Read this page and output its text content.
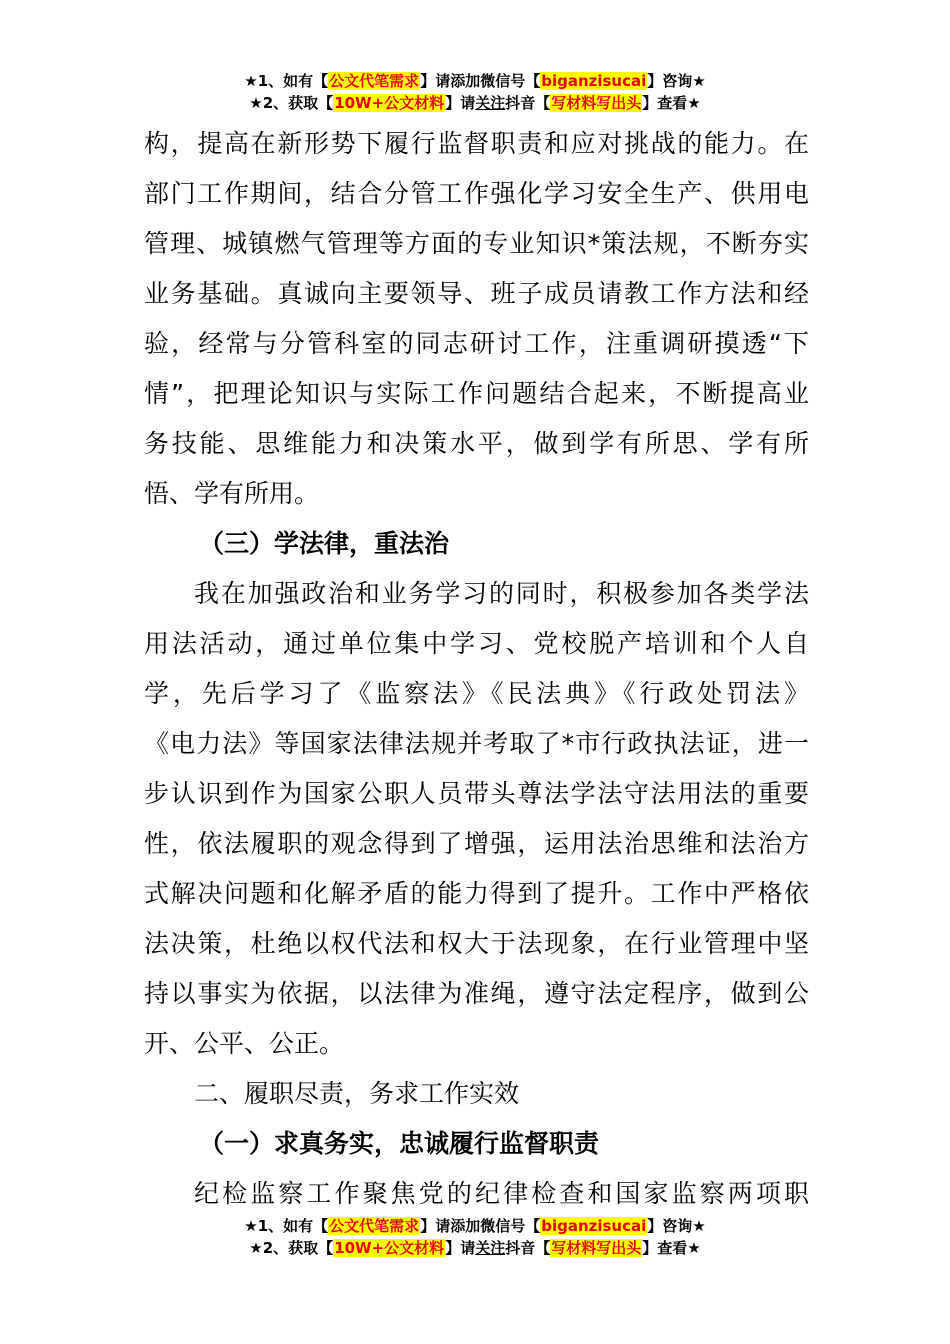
★1、如有【公文代笔需求】请添加微信号【biganzisucai】咨询★
★2、获取【10W+公文材料】请关注抖音【写材料写出头】查看★
构，提高在新形势下履行监督职责和应对挑战的能力。在
部门工作期间，结合分管工作强化学习安全生产、供用电
管理、城镇燃气管理等方面的专业知识*策法规，不断夯实
业务基础。真诚向主要领导、班子成员请教工作方法和经
验，经常与分管科室的同志研讨工作，注重调研摸透“下
情”，把理论知识与实际工作问题结合起来，不断提高业
务技能、思维能力和决策水平，做到学有所思、学有所
悟、学有所用。
（三）学法律，重法治
我在加强政治和业务学习的同时，积极参加各类学法
用法活动，通过单位集中学习、党校脱产培训和个人自
学，先后学习了《监察法》《民法典》《行政处罚法》
《电力法》等国家法律法规并考取了*市行政执法证，进一
步认识到作为国家公职人员带头尊法学法守法用法的重要
性，依法履职的观念得到了增强，运用法治思维和法治方
式解决问题和化解矛盾的能力得到了提升。工作中严格依
法决策，杜绝以权代法和权大于法现象，在行业管理中坚
持以事实为依据，以法律为准绳，遵守法定程序，做到公
开、公平、公正。
二、履职尽责，务求工作实效
（一）求真务实，忠诚履行监督职责
纪检监察工作聚焦党的纪律检查和国家监察两项职
★1、如有【公文代笔需求】请添加微信号【biganzisucai】咨询★
★2、获取【10W+公文材料】请关注抖音【写材料写出头】查看★
